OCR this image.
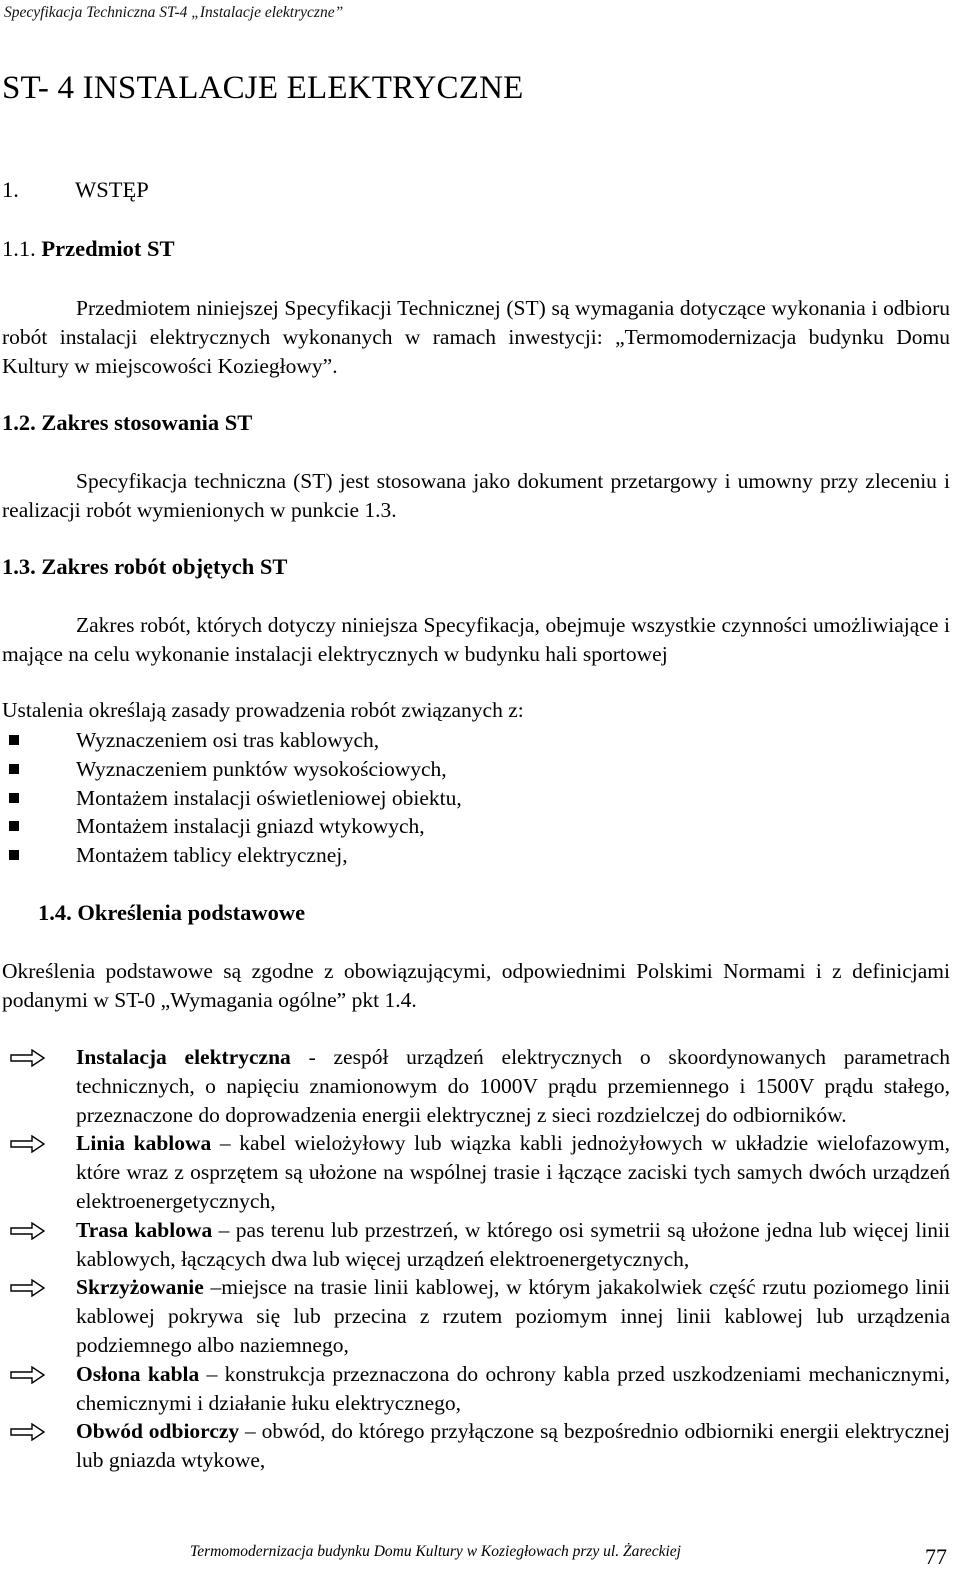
Specyfikacja Techniczna ST-4 „Instalacje elektryczne”
ST- 4 INSTALACJE ELEKTRYCZNE
1. WSTĘP
1.1. Przedmiot ST

Przedmiotem niniejszej Specyfikacji Technicznej (ST) są wymagania dotyczące wykonania i odbioru robót instalacji elektrycznych wykonanych w ramach inwestycji: „Termomodernizacja budynku Domu Kultury w miejscowości Koziegłowy”.

1.2. Zakres stosowania ST

Specyfikacja techniczna (ST) jest stosowana jako dokument przetargowy i umowny przy zleceniu i realizacji robót wymienionych w punkcie 1.3.

1.3. Zakres robót objętych ST

Zakres robót, których dotyczy niniejsza Specyfikacja, obejmuje wszystkie czynności umożliwiające i mające na celu wykonanie instalacji elektrycznych w budynku hali sportowej

Ustalenia określają zasady prowadzenia robót związanych z:
Wyznaczeniem osi tras kablowych,
Wyznaczeniem punktów wysokościowych,
Montażem instalacji oświetleniowej obiektu,
Montażem instalacji gniazd wtykowych,
Montażem tablicy elektrycznej,
1.4. Określenia podstawowe

Określenia podstawowe są zgodne z obowiązującymi, odpowiednimi Polskimi Normami i z definicjami podanymi w ST-0 „Wymagania ogólne” pkt 1.4.

Instalacja elektryczna - zespół urządzeń elektrycznych o skoordynowanych parametrach technicznych, o napięciu znamionowym do 1000V prądu przemiennego i 1500V prądu stałego, przeznaczone do doprowadzenia energii elektrycznej z sieci rozdzielczej do odbiorników.
Linia kablowa – kabel wielożyłowy lub wiązka kabli jednożyłowych w układzie wielofazowym, które wraz z osprzętem są ułożone na wspólnej trasie i łączące zaciski tych samych dwóch urządzeń elektroenergetycznych,
Trasa kablowa – pas terenu lub przestrzeń, w którego osi symetrii są ułożone jedna lub więcej linii kablowych, łączących dwa lub więcej urządzeń elektroenergetycznych,
Skrzyżowanie –miejsce na trasie linii kablowej, w którym jakakolwiek część rzutu poziomego linii kablowej pokrywa się lub przecina z rzutem poziomym innej linii kablowej lub urządzenia podziemnego albo naziemnego,
Osłona kabla – konstrukcja przeznaczona do ochrony kabla przed uszkodzeniami mechanicznymi, chemicznymi i działanie łuku elektrycznego,
Obwód odbiorczy – obwód, do którego przyłączone są bezpośrednio odbiorniki energii elektrycznej lub gniazda wtykowe,
Termomodernizacja budynku Domu Kultury w Koziegłowach przy ul. Żareckiej	77
